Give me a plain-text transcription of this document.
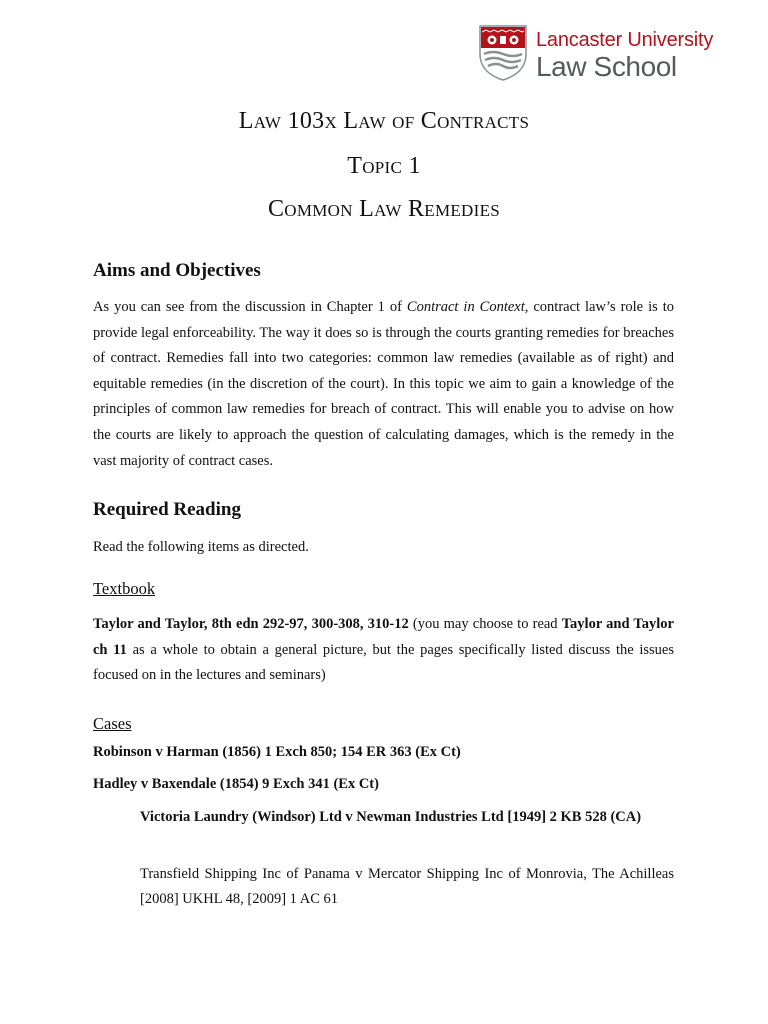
Lancaster University
Law School
Law 103x Law of Contracts
Topic 1
Common Law Remedies
Aims and Objectives

As you can see from the discussion in Chapter 1 of Contract in Context, contract law’s role is to provide legal enforceability. The way it does so is through the courts granting remedies for breaches of contract. Remedies fall into two categories: common law remedies (available as of right) and equitable remedies (in the discretion of the court). In this topic we aim to gain a knowledge of the principles of common law remedies for breach of contract. This will enable you to advise on how the courts are likely to approach the question of calculating damages, which is the remedy in the vast majority of contract cases.

Required Reading
Read the following items as directed.
Textbook

Taylor and Taylor, 8th edn 292-97, 300-308, 310-12 (you may choose to read Taylor and Taylor ch 11 as a whole to obtain a general picture, but the pages specifically listed discuss the issues focused on in the lectures and seminars)

Cases
Robinson v Harman (1856) 1 Exch 850; 154 ER 363 (Ex Ct)
Hadley v Baxendale (1854) 9 Exch 341 (Ex Ct)

Victoria Laundry (Windsor) Ltd v Newman Industries Ltd [1949] 2 KB 528 (CA)

Transfield Shipping Inc of Panama v Mercator Shipping Inc of Monrovia, The Achilleas [2008] UKHL 48, [2009] 1 AC 61
